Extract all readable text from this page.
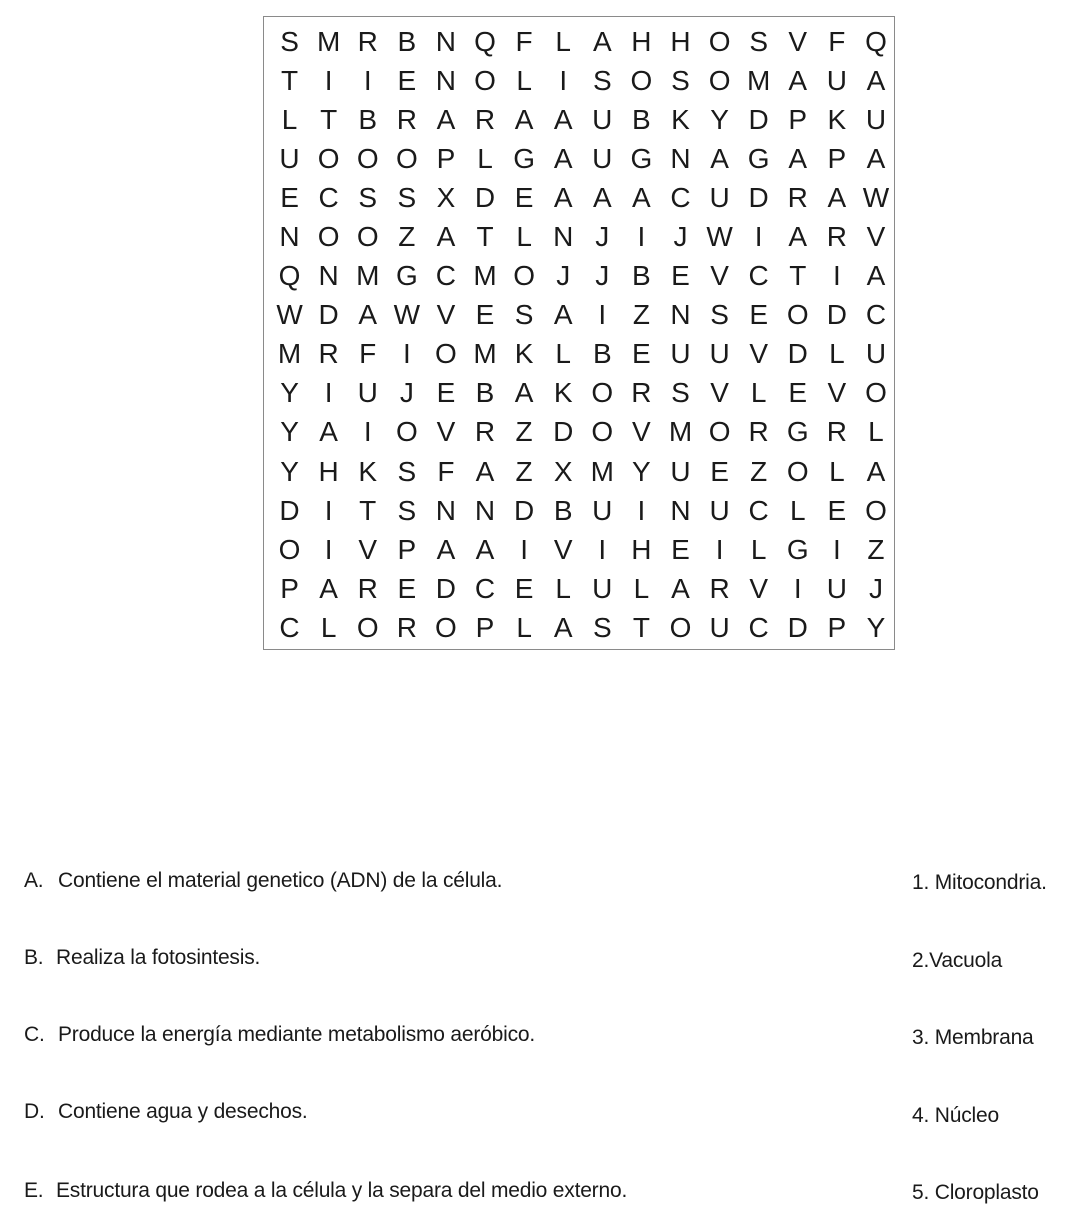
S M R B N Q F L A H H O S V F Q
T I	I E N O L I S O S O M A U A
L T B R A R A A U B K Y D P K U
U O O O P L G A U G N A G A P A
E C S S X D E A A A C U D R A W
N O O Z A T L N J	I	J W I A R V
Q N M G C M O J J B E V C T I A
W D A W V E S A I Z N S E O D C
M R F I O M K L B E U U V D L U
Y I U J E B A K O R S V L E V O
Y A I O V R Z D O V M O R G R L
Y H K S F A Z X M Y U E Z O L A
D I T S N N D B U I N U C L E O
O I V P A A I V I H E I L G I Z
P A R E D C E L U L A R V I U J
C L O R O P L A S T O U C D P Y
A. Contiene el material genetico (ADN) de la célula.
B. Realiza la fotosintesis.
C. Produce la energía mediante metabolismo aeróbico.
D. Contiene agua y desechos.
E. Estructura que rodea a la célula y la separa del medio externo.
1. Mitocondria.
2.Vacuola
3. Membrana
4. Núcleo
5. Cloroplasto
